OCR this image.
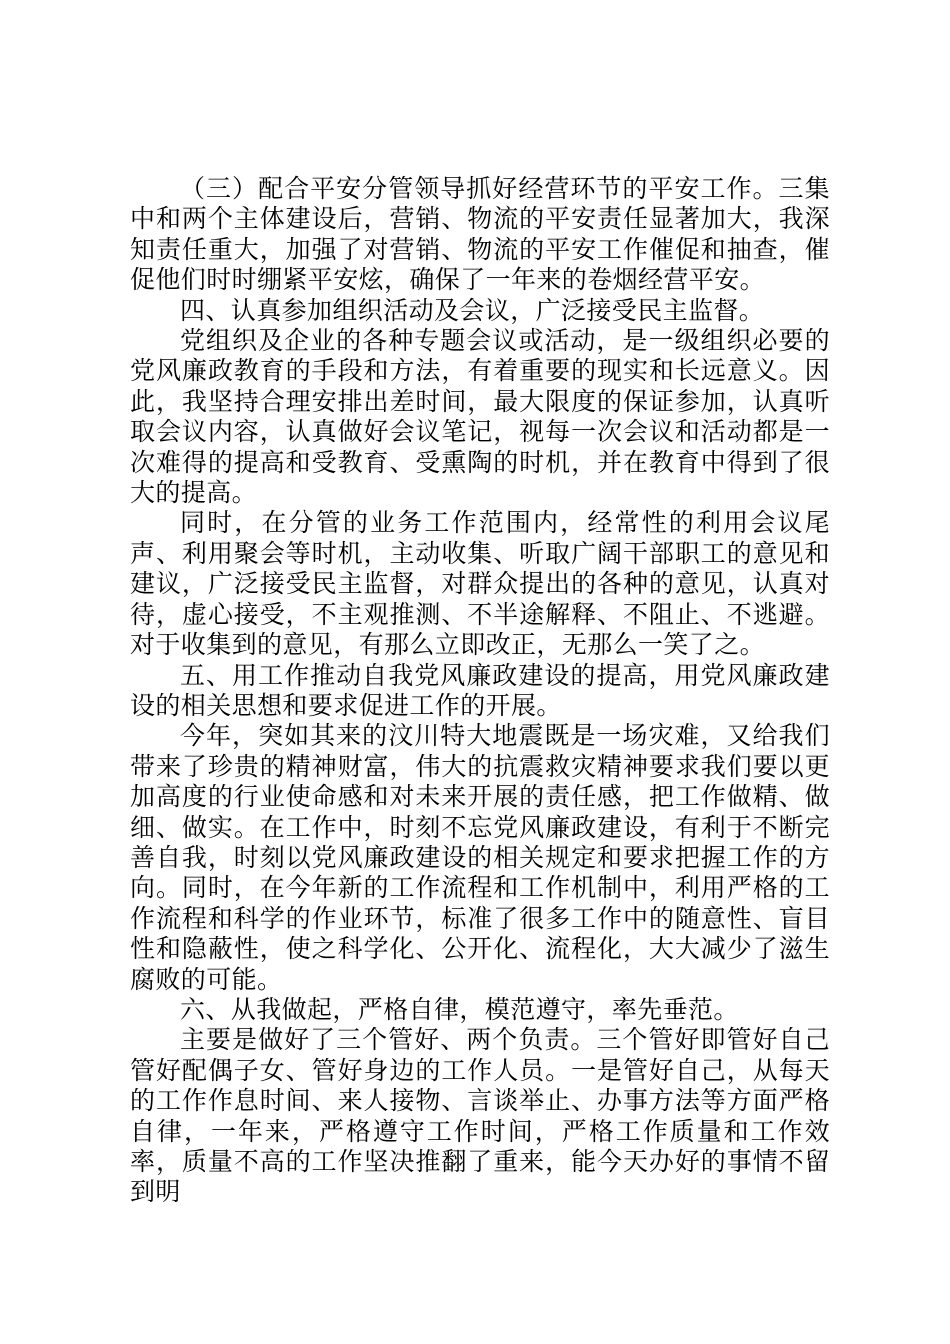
（三）配合平安分管领导抓好经营环节的平安工作。三集中和两个主体建设后，营销、物流的平安责任显著加大，我深知责任重大，加强了对营销、物流的平安工作催促和抽查，催促他们时时绷紧平安炫，确保了一年来的卷烟经营平安。

四、认真参加组织活动及会议，广泛接受民主监督。

党组织及企业的各种专题会议或活动，是一级组织必要的党风廉政教育的手段和方法，有着重要的现实和长远意义。因此，我坚持合理安排出差时间，最大限度的保证参加，认真听取会议内容，认真做好会议笔记，视每一次会议和活动都是一次难得的提高和受教育、受熏陶的时机，并在教育中得到了很大的提高。

同时，在分管的业务工作范围内，经常性的利用会议尾声、利用聚会等时机，主动收集、听取广阔干部职工的意见和建议，广泛接受民主监督，对群众提出的各种的意见，认真对待，虚心接受，不主观推测、不半途解释、不阻止、不逃避。对于收集到的意见，有那么立即改正，无那么一笑了之。

五、用工作推动自我党风廉政建设的提高，用党风廉政建设的相关思想和要求促进工作的开展。

今年，突如其来的汶川特大地震既是一场灾难，又给我们带来了珍贵的精神财富，伟大的抗震救灾精神要求我们要以更加高度的行业使命感和对未来开展的责任感，把工作做精、做细、做实。在工作中，时刻不忘党风廉政建设，有利于不断完善自我，时刻以党风廉政建设的相关规定和要求把握工作的方向。同时，在今年新的工作流程和工作机制中，利用严格的工作流程和科学的作业环节，标准了很多工作中的随意性、盲目性和隐蔽性，使之科学化、公开化、流程化，大大减少了滋生腐败的可能。

六、从我做起，严格自律，模范遵守，率先垂范。

主要是做好了三个管好、两个负责。三个管好即管好自己管好配偶子女、管好身边的工作人员。一是管好自己，从每天的工作作息时间、来人接物、言谈举止、办事方法等方面严格自律，一年来，严格遵守工作时间，严格工作质量和工作效率，质量不高的工作坚决推翻了重来，能今天办好的事情不留到明
